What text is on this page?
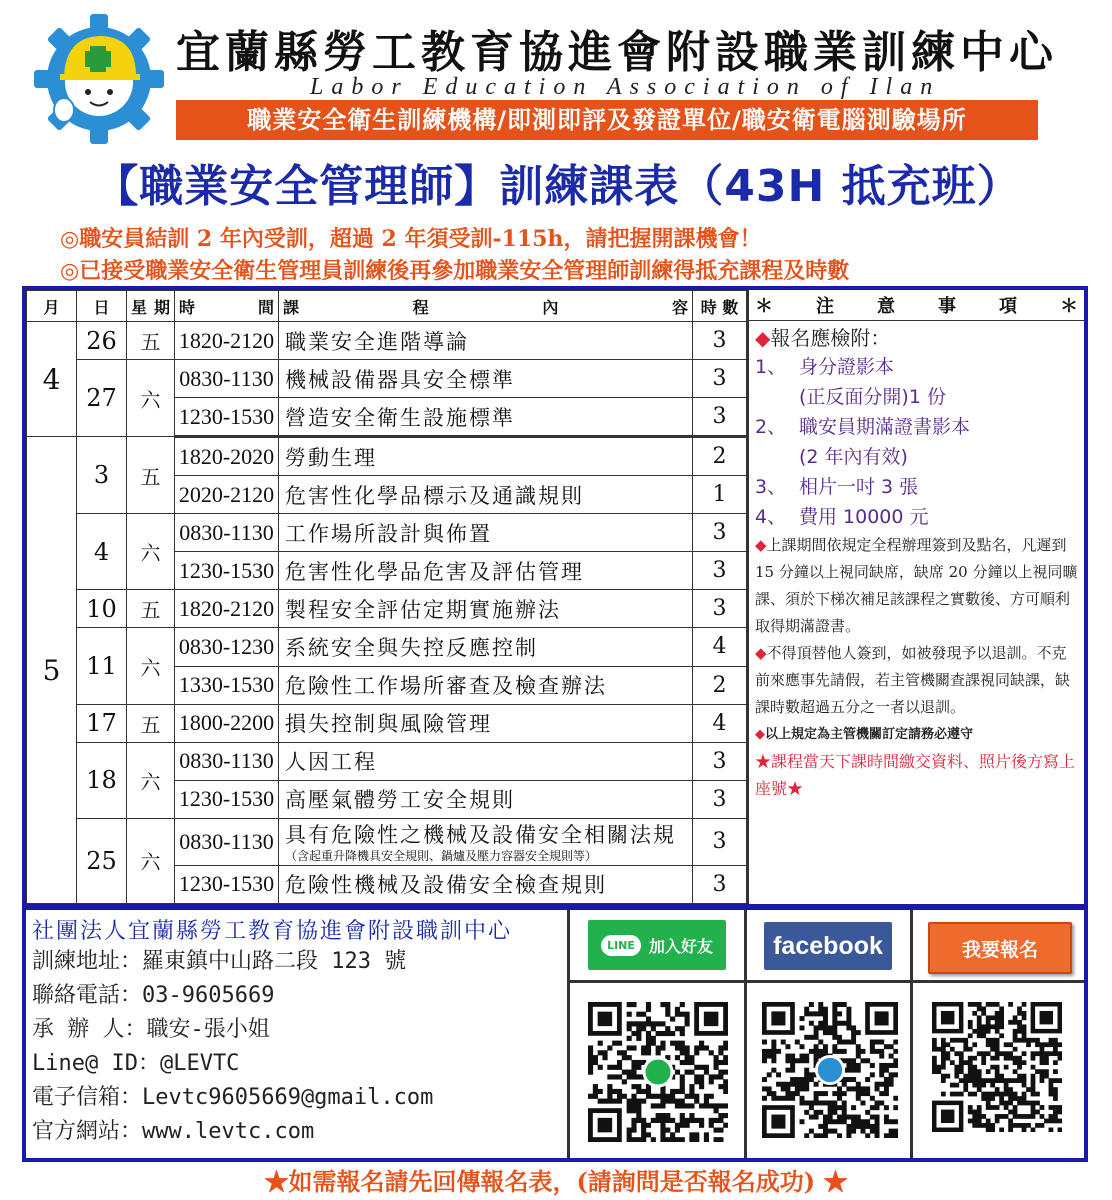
宜蘭縣勞工教育協進會附設職業訓練中心
Labor Education Association of Ilan
職業安全衛生訓練機構/即測即評及發證單位/職安衛電腦測驗場所
【職業安全管理師】訓練課表（43H 抵充班）
◎職安員結訓 2 年內受訓，超過 2 年須受訓-115h，請把握開課機會！
◎已接受職業安全衛生管理員訓練後再參加職業安全管理師訓練得抵充課程及時數
月	日	星 期	時 間	課 程 內 容	時 數
4	26	五	1820-2120	職業安全進階導論	3
	27	六	0830-1130	機械設備器具安全標準	3
			1230-1530	營造安全衛生設施標準	3
5	3	五	1820-2020	勞動生理	2
			2020-2120	危害性化學品標示及通識規則	1
	4	六	0830-1130	工作場所設計與佈置	3
			1230-1530	危害性化學品危害及評估管理	3
	10	五	1820-2120	製程安全評估定期實施辦法	3
	11	六	0830-1230	系統安全與失控反應控制	4
			1330-1530	危險性工作場所審查及檢查辦法	2
	17	五	1800-2200	損失控制與風險管理	4
	18	六	0830-1130	人因工程	3
			1230-1530	高壓氣體勞工安全規則	3
	25	六	0830-1130	具有危險性之機械及設備安全相關法規
（含起重升降機具安全規則、鍋爐及壓力容器安全規則等）	3
			1230-1530	危險性機械及設備安全檢查規則	3
＊ 注 意 事 項 ＊
◆報名應檢附：
1、 身分證影本
(正反面分開)1 份
2、 職安員期滿證書影本
(2 年內有效)
3、 相片一吋 3 張
4、 費用 10000 元
◆上課期間依規定全程辦理簽到及點名，凡遲到 15 分鐘以上視同缺席，缺席 20 分鐘以上視同曠課、須於下梯次補足該課程之實數後、方可順利取得期滿證書。
◆不得頂替他人簽到，如被發現予以退訓。不克前來應事先請假，若主管機關查課視同缺課，缺課時數超過五分之一者以退訓。
◆以上規定為主管機關訂定請務必遵守
★課程當天下課時間繳交資料、照片後方寫上座號★
社團法人宜蘭縣勞工教育協進會附設職訓中心
訓練地址：羅東鎮中山路二段 123 號
聯絡電話：03-9605669
承 辦 人：職安-張小姐
Line@ ID：@LEVTC
電子信箱：Levtc9605669@gmail.com
官方網站：www.levtc.com
LINE 加入好友	facebook	我要報名
★如需報名請先回傳報名表，(請詢問是否報名成功) ★
